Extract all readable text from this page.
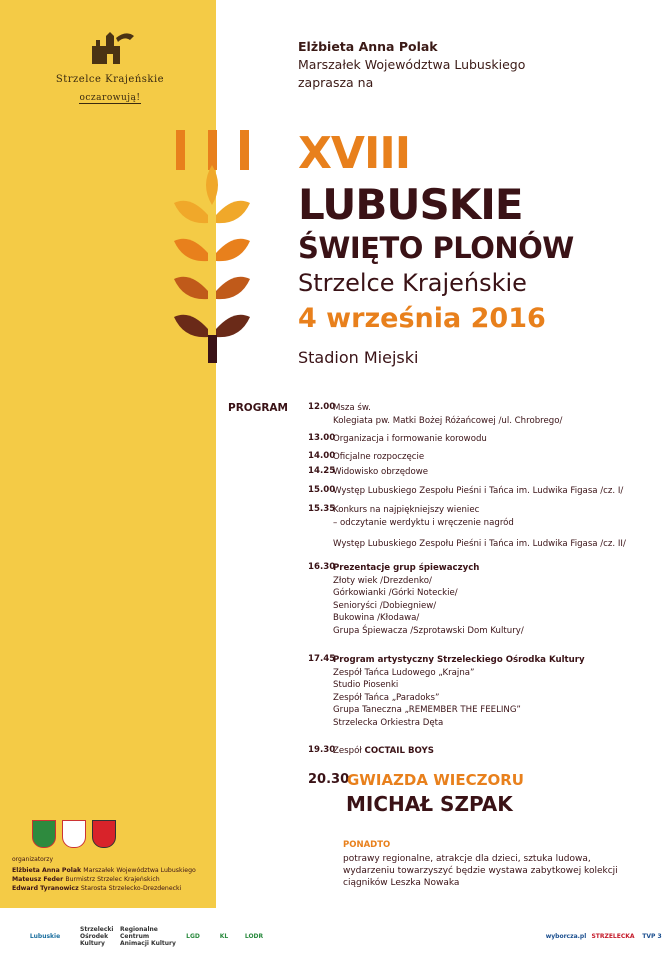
Strzelce Krajeńskie
oczarowują!
Elżbieta Anna Polak
Marszałek Województwa Lubuskiego
zaprasza na
XVIII
LUBUSKIE
ŚWIĘTO PLONÓW
Strzelce Krajeńskie
4 września 2016
Stadion Miejski
PROGRAM 12.00
Msza św.
Kolegiata pw. Matki Bożej Różańcowej /ul. Chrobrego/
13.00
Organizacja i formowanie korowodu
14.00
Oficjalne rozpoczęcie
14.25
Widowisko obrzędowe
15.00
Występ Lubuskiego Zespołu Pieśni i Tańca im. Ludwika Figasa /cz. I/
15.35
Konkurs na najpiękniejszy wieniec
– odczytanie werdyktu i wręczenie nagród
Występ Lubuskiego Zespołu Pieśni i Tańca im. Ludwika Figasa /cz. II/
16.30
Prezentacje grup śpiewaczych
Złoty wiek /Drezdenko/
Górkowianki /Górki Noteckie/
Senioryści /Dobiegniew/
Bukowina /Kłodawa/
Grupa Śpiewacza /Szprotawski Dom Kultury/
17.45
Program artystyczny Strzeleckiego Ośrodka Kultury
Zespół Tańca Ludowego „Krajna”
Studio Piosenki
Zespół Tańca „Paradoks”
Grupa Taneczna „REMEMBER THE FEELING”
Strzelecka Orkiestra Dęta
19.30
Zespół COCTAIL BOYS
20.30
GWIAZDA WIECZORU
MICHAŁ SZPAK
PONADTO
potrawy regionalne, atrakcje dla dzieci, sztuka ludowa, wydarzeniu towarzyszyć będzie wystawa zabytkowej kolekcji ciągników Leszka Nowaka
organizatorzy
Elżbieta Anna Polak Marszałek Województwa Lubuskiego
Mateusz Feder Burmistrz Strzelec Krajeńskich
Edward Tyranowicz Starosta Strzelecko-Drezdenecki
Lubuskie
Strzelecki Ośrodek Kultury
Regionalne Centrum Animacji Kultury
LGD	KL	LODR	wyborcza.pl STRZELECKA	TVP 3
